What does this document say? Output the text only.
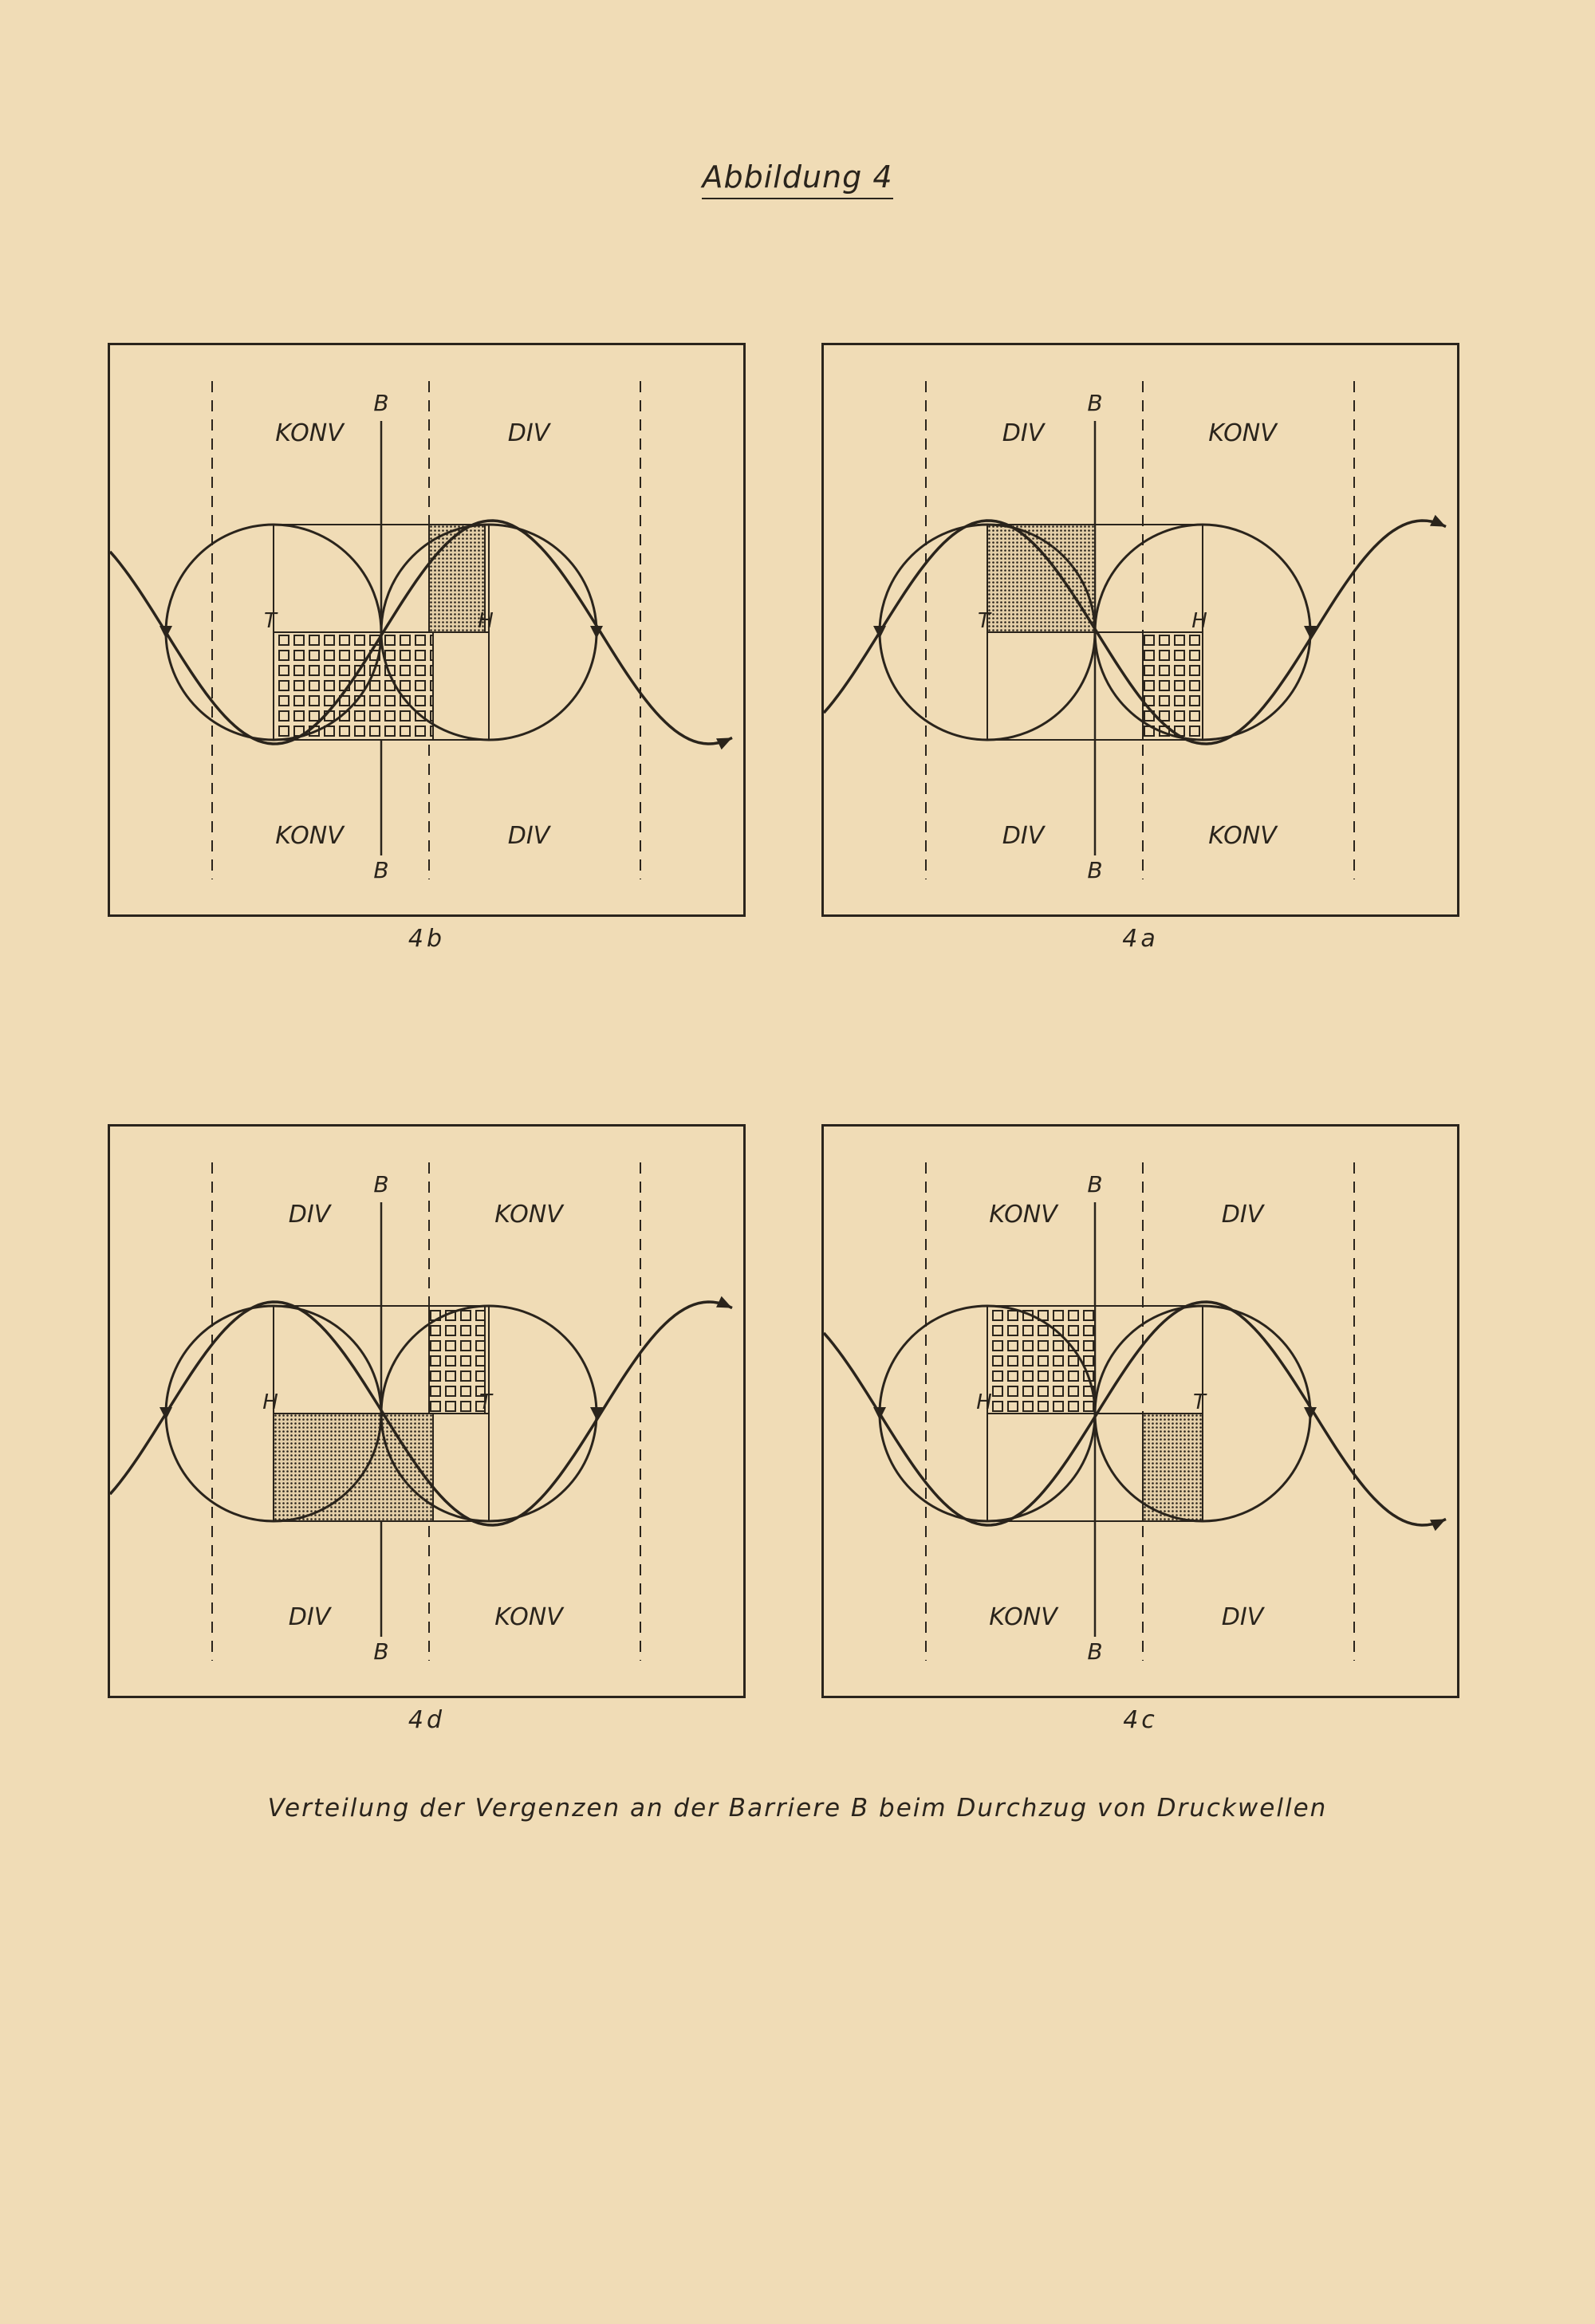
Abbildung 4
KONV	DIV
KONV	DIV
B
B
T	H
4b
DIV	KONV
DIV	KONV
B
B
T	H
4a
DIV	KONV
DIV	KONV
B
B
H	T
4d
KONV	DIV
KONV	DIV
B
B
H	T
4c
Verteilung der Vergenzen an der Barriere B beim Durchzug von Druckwellen
